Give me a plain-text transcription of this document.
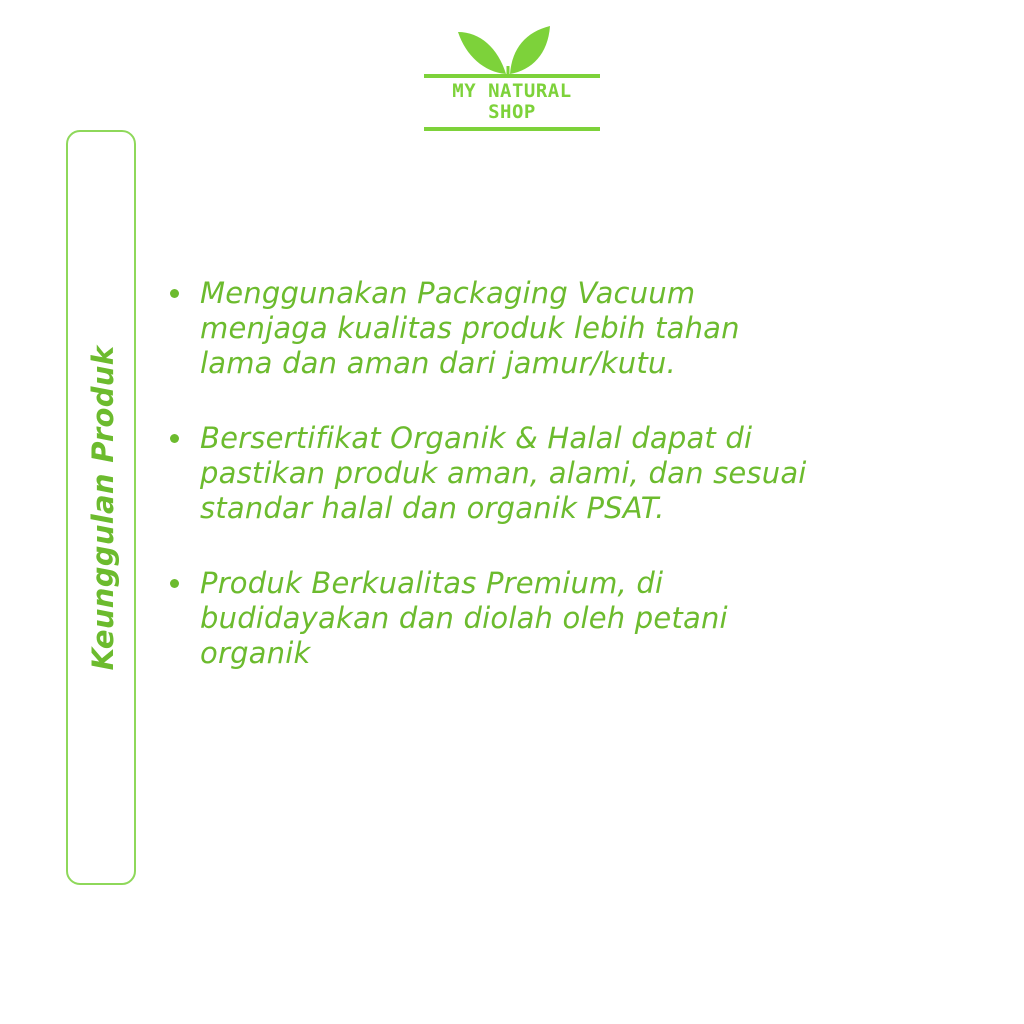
MY NATURAL
SHOP
Keunggulan Produk
Menggunakan Packaging Vacuum
menjaga kualitas produk lebih tahan
lama dan aman dari jamur/kutu.
Bersertifikat Organik & Halal dapat di
pastikan produk aman, alami, dan sesuai
standar halal dan organik PSAT.
Produk Berkualitas Premium, di
budidayakan dan diolah oleh petani
organik
